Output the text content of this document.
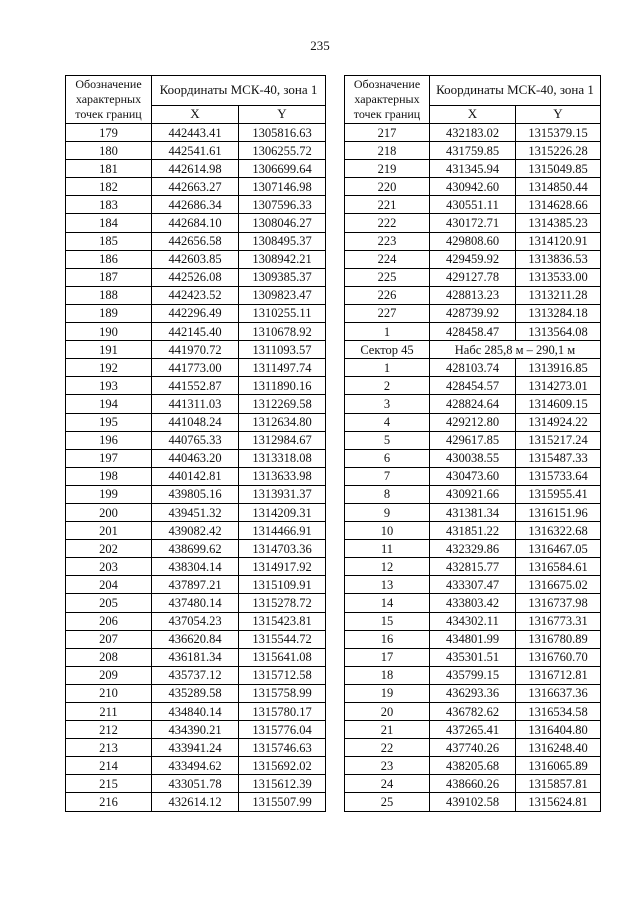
235
Обозначение характерных точек границ	Координаты МСК-40, зона 1	
	X	Y
179	442443.41	1305816.63
180	442541.61	1306255.72
181	442614.98	1306699.64
182	442663.27	1307146.98
183	442686.34	1307596.33
184	442684.10	1308046.27
185	442656.58	1308495.37
186	442603.85	1308942.21
187	442526.08	1309385.37
188	442423.52	1309823.47
189	442296.49	1310255.11
190	442145.40	1310678.92
191	441970.72	1311093.57
192	441773.00	1311497.74
193	441552.87	1311890.16
194	441311.03	1312269.58
195	441048.24	1312634.80
196	440765.33	1312984.67
197	440463.20	1313318.08
198	440142.81	1313633.98
199	439805.16	1313931.37
200	439451.32	1314209.31
201	439082.42	1314466.91
202	438699.62	1314703.36
203	438304.14	1314917.92
204	437897.21	1315109.91
205	437480.14	1315278.72
206	437054.23	1315423.81
207	436620.84	1315544.72
208	436181.34	1315641.08
209	435737.12	1315712.58
210	435289.58	1315758.99
211	434840.14	1315780.17
212	434390.21	1315776.04
213	433941.24	1315746.63
214	433494.62	1315692.02
215	433051.78	1315612.39
216	432614.12	1315507.99
Обозначение характерных точек границ	Координаты МСК-40, зона 1	
	X	Y
217	432183.02	1315379.15
218	431759.85	1315226.28
219	431345.94	1315049.85
220	430942.60	1314850.44
221	430551.11	1314628.66
222	430172.71	1314385.23
223	429808.60	1314120.91
224	429459.92	1313836.53
225	429127.78	1313533.00
226	428813.23	1313211.28
227	428739.92	1313284.18
1	428458.47	1313564.08
Сектор 45	Набс 285,8 м – 290,1 м	
1	428103.74	1313916.85
2	428454.57	1314273.01
3	428824.64	1314609.15
4	429212.80	1314924.22
5	429617.85	1315217.24
6	430038.55	1315487.33
7	430473.60	1315733.64
8	430921.66	1315955.41
9	431381.34	1316151.96
10	431851.22	1316322.68
11	432329.86	1316467.05
12	432815.77	1316584.61
13	433307.47	1316675.02
14	433803.42	1316737.98
15	434302.11	1316773.31
16	434801.99	1316780.89
17	435301.51	1316760.70
18	435799.15	1316712.81
19	436293.36	1316637.36
20	436782.62	1316534.58
21	437265.41	1316404.80
22	437740.26	1316248.40
23	438205.68	1316065.89
24	438660.26	1315857.81
25	439102.58	1315624.81
